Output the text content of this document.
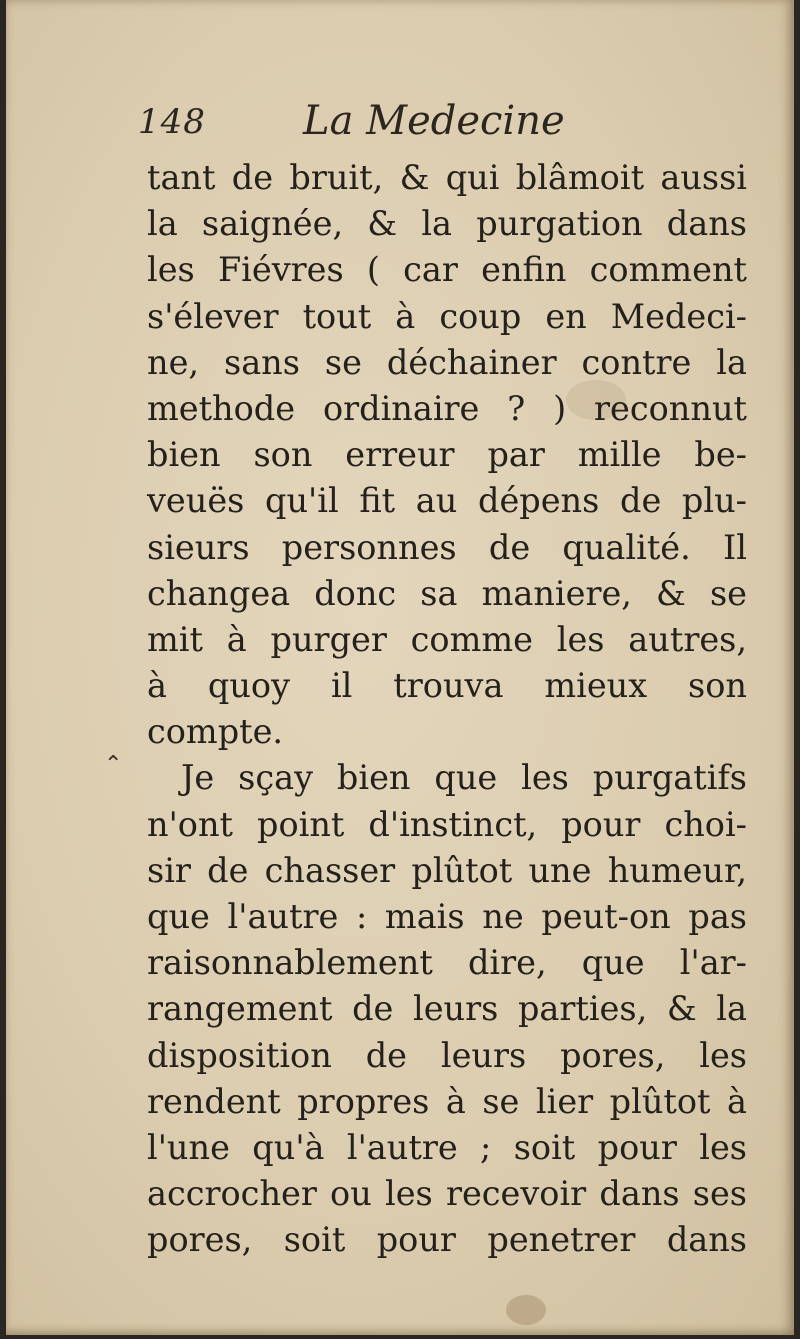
148 La Medecine
⌃
tant de bruit, & qui blâmoit aussi
la saignée, & la purgation dans
les Fiévres ( car enfin comment
s'élever tout à coup en Medeci-
ne, sans se déchainer contre la
methode ordinaire ? ) reconnut
bien son erreur par mille be-
veuës qu'il fit au dépens de plu-
sieurs personnes de qualité. Il
changea donc sa maniere, & se
mit à purger comme les autres,
à quoy il trouva mieux son
compte.
Je sçay bien que les purgatifs
n'ont point d'instinct, pour choi-
sir de chasser plûtot une humeur,
que l'autre : mais ne peut-on pas
raisonnablement dire, que l'ar-
rangement de leurs parties, & la
disposition de leurs pores, les
rendent propres à se lier plûtot à
l'une qu'à l'autre ; soit pour les
accrocher ou les recevoir dans ses
pores, soit pour penetrer dans
